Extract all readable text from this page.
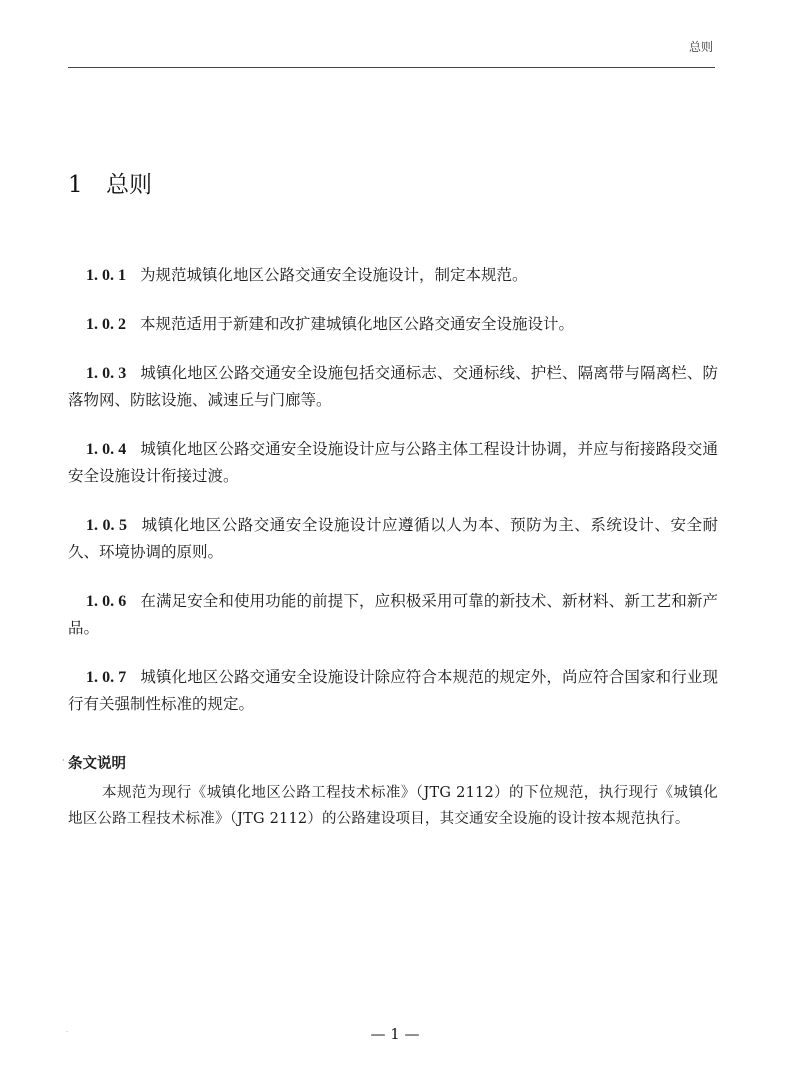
总则
1 总则

1. 0. 1 为规范城镇化地区公路交通安全设施设计，制定本规范。

1. 0. 2 本规范适用于新建和改扩建城镇化地区公路交通安全设施设计。

1. 0. 3 城镇化地区公路交通安全设施包括交通标志、交通标线、护栏、隔离带与隔离栏、防落物网、防眩设施、减速丘与门廊等。

1. 0. 4 城镇化地区公路交通安全设施设计应与公路主体工程设计协调，并应与衔接路段交通安全设施设计衔接过渡。

1. 0. 5 城镇化地区公路交通安全设施设计应遵循以人为本、预防为主、系统设计、安全耐久、环境协调的原则。

1. 0. 6 在满足安全和使用功能的前提下，应积极采用可靠的新技术、新材料、新工艺和新产品。

1. 0. 7 城镇化地区公路交通安全设施设计除应符合本规范的规定外，尚应符合国家和行业现行有关强制性标准的规定。

· 条文说明

本规范为现行《城镇化地区公路工程技术标准》（JTG 2112）的下位规范，执行现行《城镇化地区公路工程技术标准》（JTG 2112）的公路建设项目，其交通安全设施的设计按本规范执行。

·	— 1 —
